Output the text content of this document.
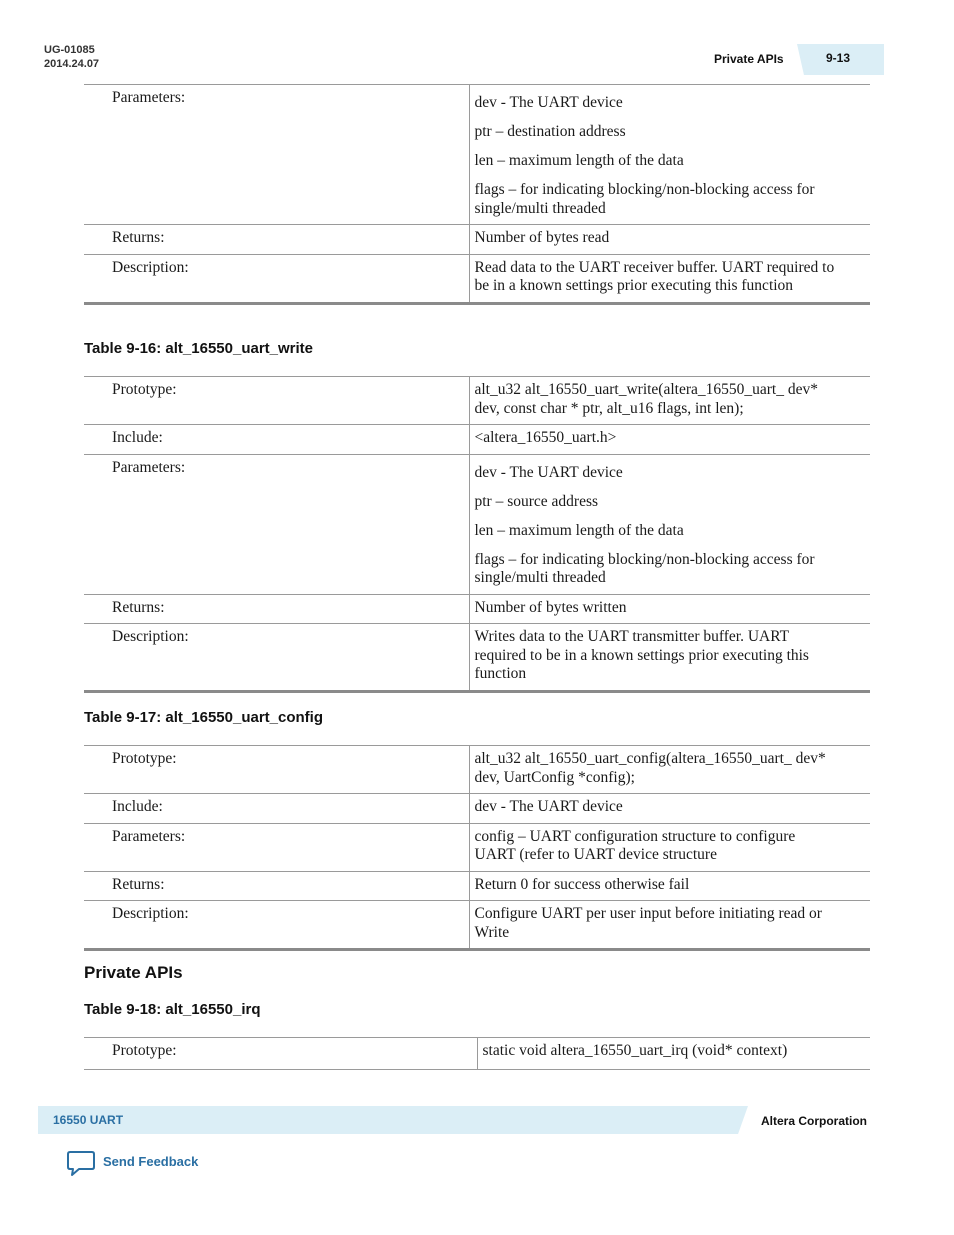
UG-01085
2014.24.07	Private APIs	9-13
Parameters:	dev - The UART device

ptr – destination address

len – maximum length of the data

flags – for indicating blocking/non-blocking access for single/multi threaded

Returns:	Number of bytes read
Description:	Read data to the UART receiver buffer. UART required to be in a known settings prior executing this function
Table 9-16: alt_16550_uart_write
Prototype:	alt_u32 alt_16550_uart_write(altera_16550_uart_ dev* dev, const char * ptr, alt_u16 flags, int len);
Include:	<altera_16550_uart.h>
Parameters:	dev - The UART device

ptr – source address

len – maximum length of the data

flags – for indicating blocking/non-blocking access for single/multi threaded

Returns:	Number of bytes written
Description:	Writes data to the UART transmitter buffer. UART required to be in a known settings prior executing this function
Table 9-17: alt_16550_uart_config
Prototype:	alt_u32 alt_16550_uart_config(altera_16550_uart_ dev* dev, UartConfig *config);
Include:	dev - The UART device
Parameters:	config – UART configuration structure to configure UART (refer to UART device structure
Returns:	Return 0 for success otherwise fail
Description:	Configure UART per user input before initiating read or Write
Private APIs
Table 9-18: alt_16550_irq
Prototype:	static void altera_16550_uart_irq (void* context)
16550 UART	Altera Corporation
Send Feedback
